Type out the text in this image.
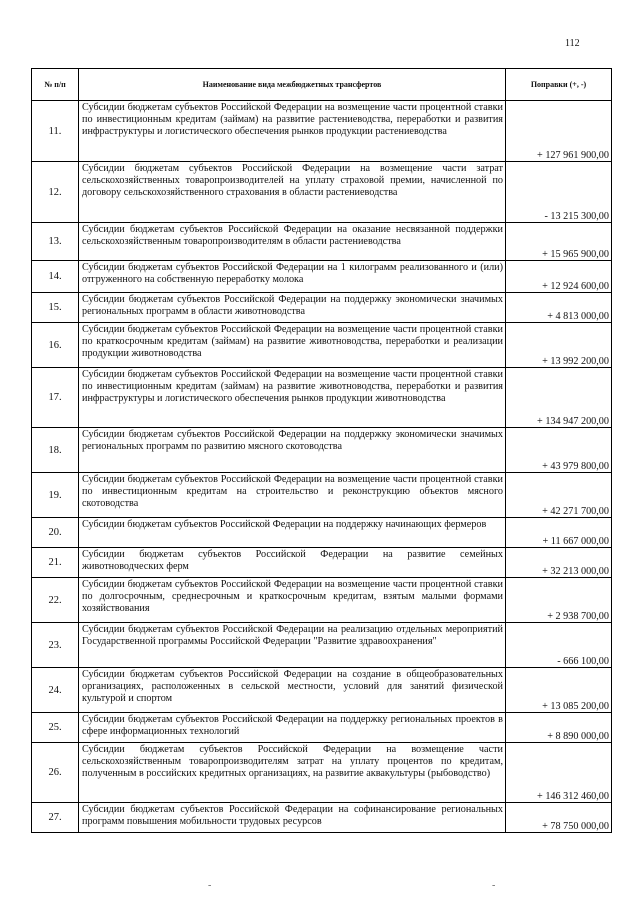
112
№ п/п	Наименование вида межбюджетных трансфертов	Поправки (+, -)
11.	Субсидии бюджетам субъектов Российской Федерации на возмещение части процентной ставки по инвестиционным кредитам (займам) на развитие растениеводства, переработки и развития инфраструктуры и логистического обеспечения рынков продукции растениеводства	+ 127 961 900,00
12.	Субсидии бюджетам субъектов Российской Федерации на возмещение части затрат сельскохозяйственных товаропроизводителей на уплату страховой премии, начисленной по договору сельскохозяйственного страхования в области растениеводства	- 13 215 300,00
13.	Субсидии бюджетам субъектов Российской Федерации на оказание несвязанной поддержки сельскохозяйственным товаропроизводителям в области растениеводства	+ 15 965 900,00
14.	Субсидии бюджетам субъектов Российской Федерации на 1 килограмм реализованного и (или) отгруженного на собственную переработку молока	+ 12 924 600,00
15.	Субсидии бюджетам субъектов Российской Федерации на поддержку экономически значимых региональных программ в области животноводства	+ 4 813 000,00
16.	Субсидии бюджетам субъектов Российской Федерации на возмещение части процентной ставки по краткосрочным кредитам (займам) на развитие животноводства, переработки и реализации продукции животноводства	+ 13 992 200,00
17.	Субсидии бюджетам субъектов Российской Федерации на возмещение части процентной ставки по инвестиционным кредитам (займам) на развитие животноводства, переработки и развития инфраструктуры и логистического обеспечения рынков продукции животноводства	+ 134 947 200,00
18.	Субсидии бюджетам субъектов Российской Федерации на поддержку экономически значимых региональных программ по развитию мясного скотоводства	+ 43 979 800,00
19.	Субсидии бюджетам субъектов Российской Федерации на возмещение части процентной ставки по инвестиционным кредитам на строительство и реконструкцию объектов мясного скотоводства	+ 42 271 700,00
20.	Субсидии бюджетам субъектов Российской Федерации на поддержку начинающих фермеров	+ 11 667 000,00
21.	Субсидии бюджетам субъектов Российской Федерации на развитие семейных животноводческих ферм	+ 32 213 000,00
22.	Субсидии бюджетам субъектов Российской Федерации на возмещение части процентной ставки по долгосрочным, среднесрочным и краткосрочным кредитам, взятым малыми формами хозяйствования	+ 2 938 700,00
23.	Субсидии бюджетам субъектов Российской Федерации на реализацию отдельных мероприятий Государственной программы Российской Федерации "Развитие здравоохранения"	- 666 100,00
24.	Субсидии бюджетам субъектов Российской Федерации на создание в общеобразовательных организациях, расположенных в сельской местности, условий для занятий физической культурой и спортом	+ 13 085 200,00
25.	Субсидии бюджетам субъектов Российской Федерации на поддержку региональных проектов в сфере информационных технологий	+ 8 890 000,00
26.	Субсидии бюджетам субъектов Российской Федерации на возмещение части сельскохозяйственным товаропроизводителям затрат на уплату процентов по кредитам, полученным в российских кредитных организациях, на развитие аквакультуры (рыбоводство)	+ 146 312 460,00
27.	Субсидии бюджетам субъектов Российской Федерации на софинансирование региональных программ повышения мобильности трудовых ресурсов	+ 78 750 000,00
-	-
